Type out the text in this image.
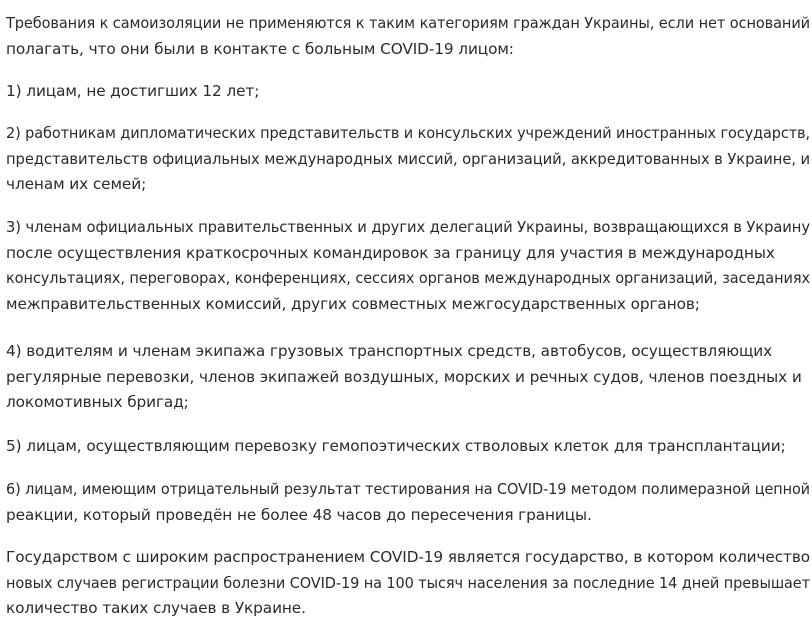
Требования к самоизоляции не применяются к таким категориям граждан Украины, если нет оснований
полагать, что они были в контакте с больным COVID-19 лицом:

1) лицам, не достигших 12 лет;

2) работникам дипломатических представительств и консульских учреждений иностранных государств,
представительств официальных международных миссий, организаций, аккредитованных в Украине, и
членам их семей;

3) членам официальных правительственных и других делегаций Украины, возвращающихся в Украину
после осуществления краткосрочных командировок за границу для участия в международных
консультациях, переговорах, конференциях, сессиях органов международных организаций, заседаниях
межправительственных комиссий, других совместных межгосударственных органов;

4) водителям и членам экипажа грузовых транспортных средств, автобусов, осуществляющих
регулярные перевозки, членов экипажей воздушных, морских и речных судов, членов поездных и
локомотивных бригад;

5) лицам, осуществляющим перевозку гемопоэтических стволовых клеток для трансплантации;

6) лицам, имеющим отрицательный результат тестирования на COVID-19 методом полимеразной цепной
реакции, который проведён не более 48 часов до пересечения границы.

Государством с широким распространением COVID-19 является государство, в котором количество
новых случаев регистрации болезни COVID-19 на 100 тысяч населения за последние 14 дней превышает
количество таких случаев в Украине.
